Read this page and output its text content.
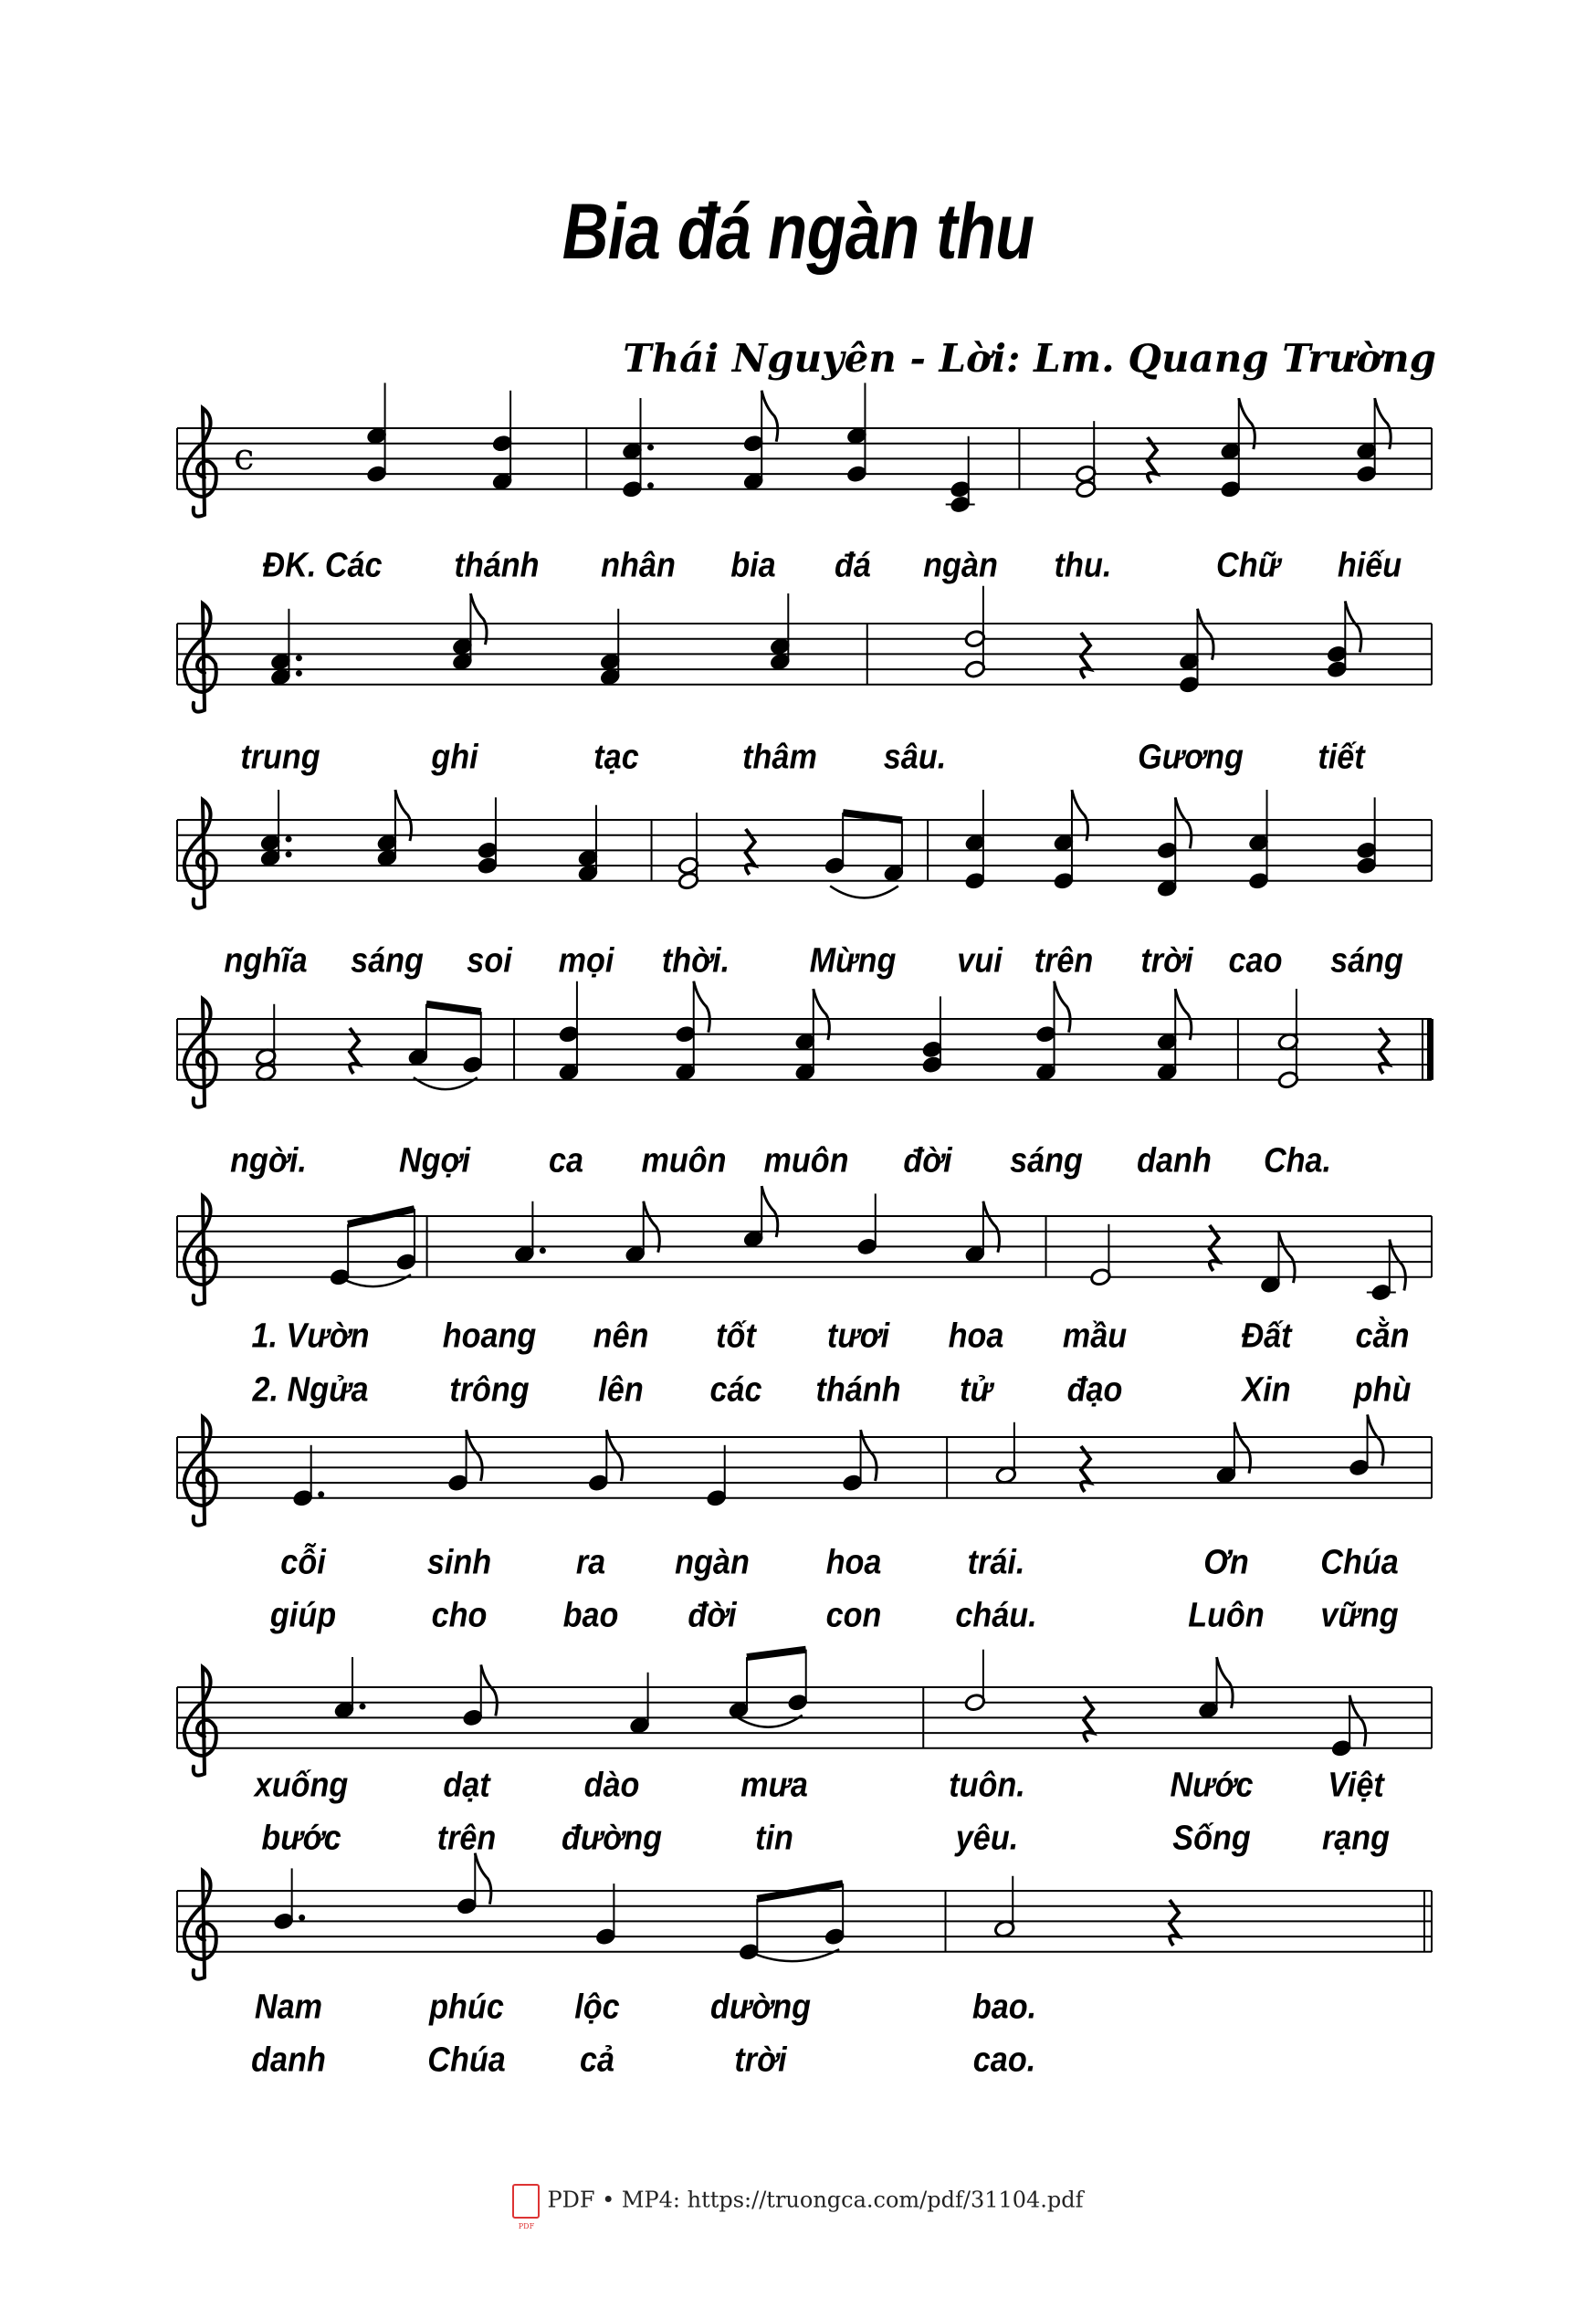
Bia đá ngàn thu
Thái Nguyên - Lời: Lm. Quang Trường
c
ĐK. Các thánh nhân bia đá ngàn thu.	Chữ hiếu
trung	ghi	tạc	thâm sâu.	Gương tiết
nghĩa sáng soi mọi thời. Mừng vui trên trời cao sáng
ngời.	Ngợi ca muôn muôn đời sáng danh Cha.
1. Vườn hoang nên tốt tươi hoa mầu	Đất cằn
2. Ngửa trông lên các thánh tử đạo	Xin phù
cỗi	sinh ra ngàn hoa trái.	Ơn Chúa
giúp	cho bao đời	con cháu.	Luôn vững
xuống	dạt	dào	mưa	tuôn.	Nước Việt
bước	trên đường	tin	yêu.	Sống rạng
Nam	phúc lộc	dường	bao.
danh	Chúa cả	trời	cao.
PDF
PDF • MP4: https://truongca.com/pdf/31104.pdf
